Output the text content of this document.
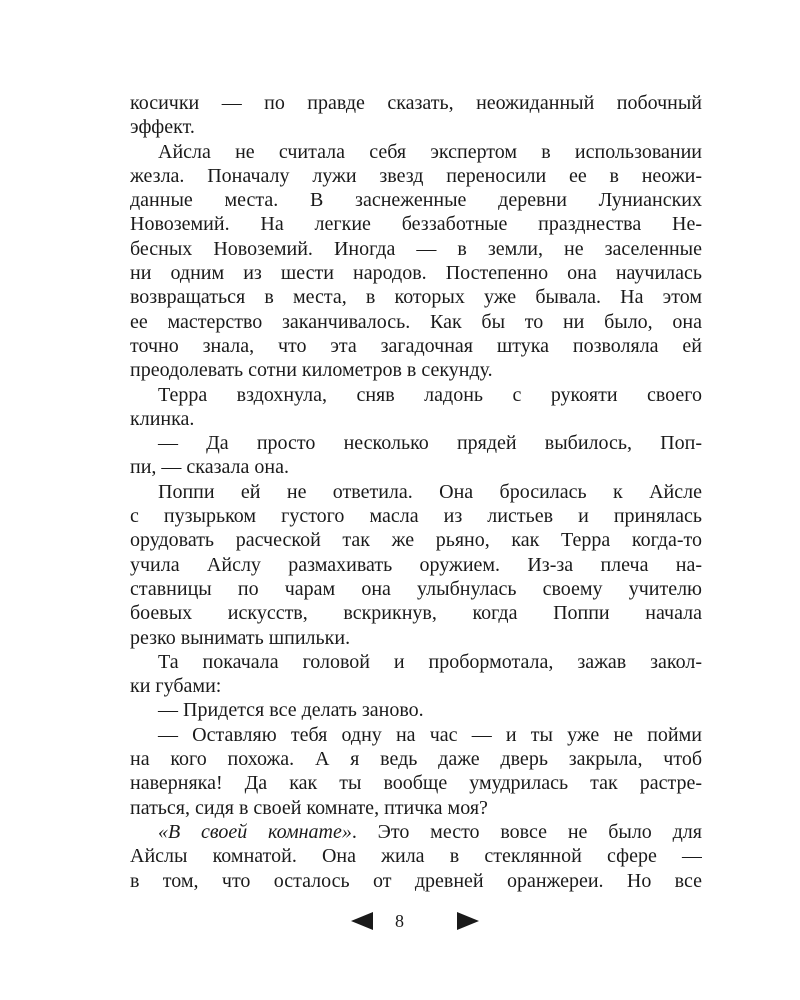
косички — по правде сказать, неожиданный побочный
эффект.
Айсла не считала себя экспертом в использовании
жезла. Поначалу лужи звезд переносили ее в неожи-
данные места. В заснеженные деревни Лунианских
Новоземий. На легкие беззаботные празднества Не-
бесных Новоземий. Иногда — в земли, не заселенные
ни одним из шести народов. Постепенно она научилась
возвращаться в места, в которых уже бывала. На этом
ее мастерство заканчивалось. Как бы то ни было, она
точно знала, что эта загадочная штука позволяла ей
преодолевать сотни километров в секунду.
Терра вздохнула, сняв ладонь с рукояти своего
клинка.
— Да просто несколько прядей выбилось, Поп-
пи, — сказала она.
Поппи ей не ответила. Она бросилась к Айсле
с пузырьком густого масла из листьев и принялась
орудовать расческой так же рьяно, как Терра когда-то
учила Айслу размахивать оружием. Из-за плеча на-
ставницы по чарам она улыбнулась своему учителю
боевых искусств, вскрикнув, когда Поппи начала
резко вынимать шпильки.
Та покачала головой и пробормотала, зажав закол-
ки губами:
— Придется все делать заново.
— Оставляю тебя одну на час — и ты уже не пойми
на кого похожа. А я ведь даже дверь закрыла, чтоб
наверняка! Да как ты вообще умудрилась так растре-
паться, сидя в своей комнате, птичка моя?
«В своей комнате». Это место вовсе не было для
Айслы комнатой. Она жила в стеклянной сфере —
в том, что осталось от древней оранжереи. Но все
8
